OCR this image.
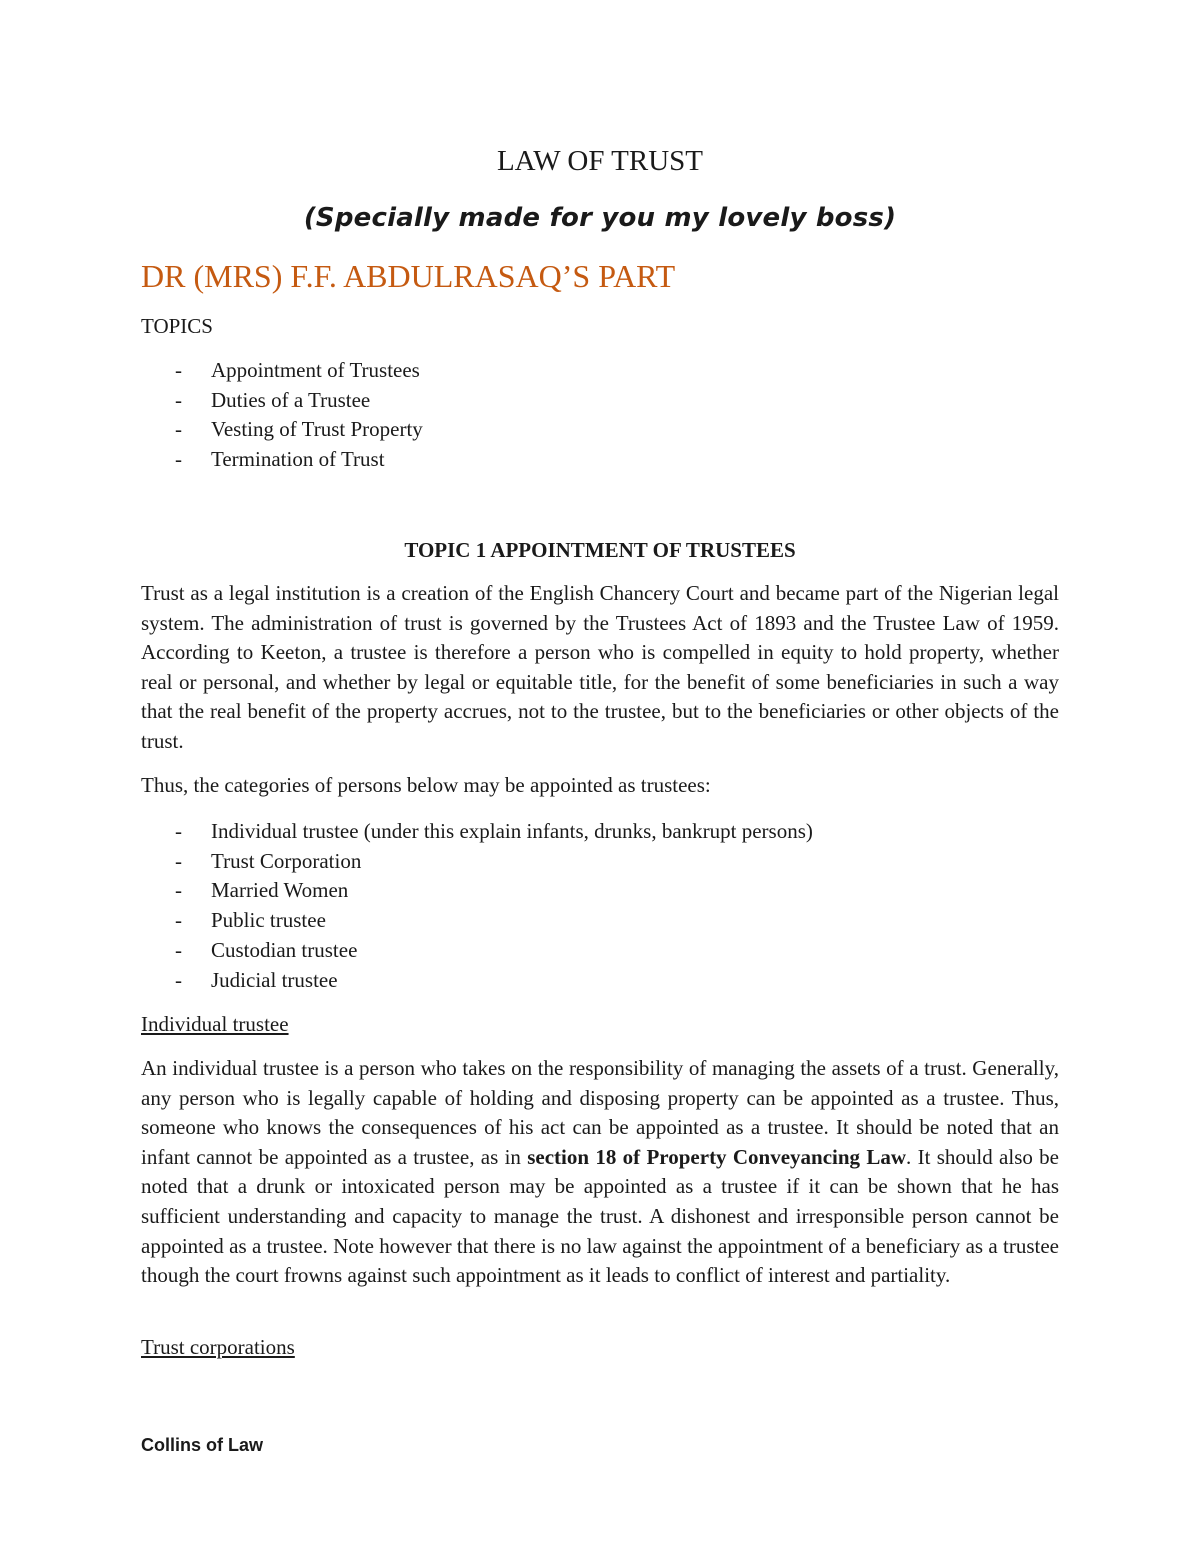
LAW OF TRUST
(Specially made for you my lovely boss)
DR (MRS) F.F. ABDULRASAQ’S PART
TOPICS
- Appointment of Trustees
- Duties of a Trustee
- Vesting of Trust Property
- Termination of Trust
TOPIC 1 APPOINTMENT OF TRUSTEES

Trust as a legal institution is a creation of the English Chancery Court and became part of the Nigerian legal system. The administration of trust is governed by the Trustees Act of 1893 and the Trustee Law of 1959. According to Keeton, a trustee is therefore a person who is compelled in equity to hold property, whether real or personal, and whether by legal or equitable title, for the benefit of some beneficiaries in such a way that the real benefit of the property accrues, not to the trustee, but to the beneficiaries or other objects of the trust.

Thus, the categories of persons below may be appointed as trustees:

- Individual trustee (under this explain infants, drunks, bankrupt persons)
- Trust Corporation
- Married Women
- Public trustee
- Custodian trustee
- Judicial trustee
Individual trustee

An individual trustee is a person who takes on the responsibility of managing the assets of a trust. Generally, any person who is legally capable of holding and disposing property can be appointed as a trustee. Thus, someone who knows the consequences of his act can be appointed as a trustee. It should be noted that an infant cannot be appointed as a trustee, as in section 18 of Property Conveyancing Law. It should also be noted that a drunk or intoxicated person may be appointed as a trustee if it can be shown that he has sufficient understanding and capacity to manage the trust. A dishonest and irresponsible person cannot be appointed as a trustee. Note however that there is no law against the appointment of a beneficiary as a trustee though the court frowns against such appointment as it leads to conflict of interest and partiality.

Trust corporations
Collins of Law
